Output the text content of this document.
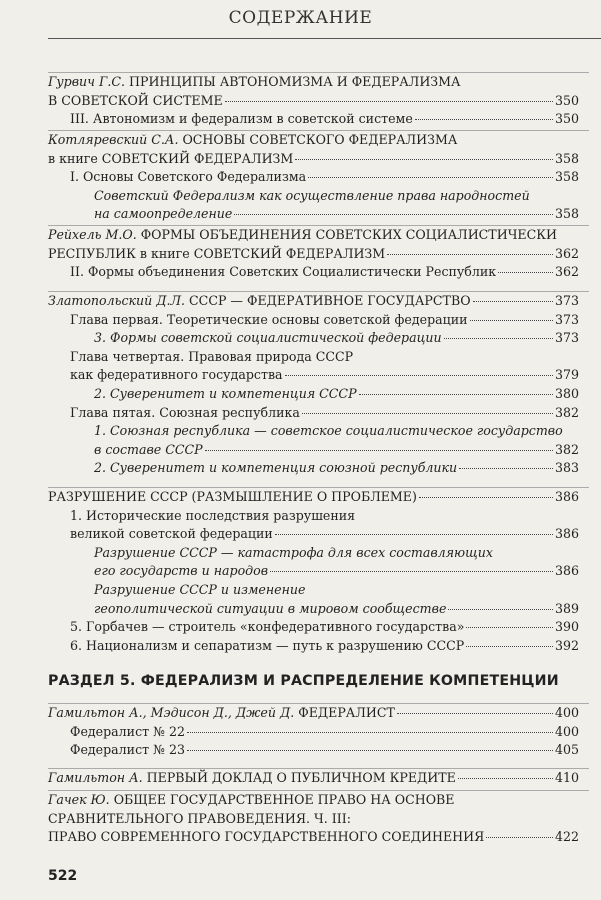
СОДЕРЖАНИЕ
522
Гурвич Г.С. ПРИНЦИПЫ АВТОНОМИЗМА И ФЕДЕРАЛИЗМА
В СОВЕТСКОЙ СИСТЕМЕ	350
III. Автономизм и федерализм в советской системе	350
Котляревский С.А. ОСНОВЫ СОВЕТСКОГО ФЕДЕРАЛИЗМА
в книге СОВЕТСКИЙ ФЕДЕРАЛИЗМ	358
I. Основы Советского Федерализма	358
Советский Федерализм как осуществление права народностей
на самоопределение	358
Рейхель М.О. ФОРМЫ ОБЪЕДИНЕНИЯ СОВЕТСКИХ СОЦИАЛИСТИЧЕСКИ
РЕСПУБЛИК в книге СОВЕТСКИЙ ФЕДЕРАЛИЗМ	362
II. Формы объединения Советских Социалистически Республик	362
Златопольский Д.Л. СССР — ФЕДЕРАТИВНОЕ ГОСУДАРСТВО	373
Глава первая. Теоретические основы советской федерации	373
3. Формы советской социалистической федерации	373
Глава четвертая. Правовая природа СССР
как федеративного государства	379
2. Суверенитет и компетенция СССР	380
Глава пятая. Союзная республика	382
1. Союзная республика — советское социалистическое государство
в составе СССР	382
2. Суверенитет и компетенция союзной республики	383
РАЗРУШЕНИЕ СССР (РАЗМЫШЛЕНИЕ О ПРОБЛЕМЕ)	386
1. Исторические последствия разрушения
великой советской федерации	386
Разрушение СССР — катастрофа для всех составляющих
его государств и народов	386
Разрушение СССР и изменение
геополитической ситуации в мировом сообществе	389
5. Горбачев — строитель «конфедеративного государства»	390
6. Национализм и сепаратизм — путь к разрушению СССР	392
Гамильтон А., Мэдисон Д., Джей Д. ФЕДЕРАЛИСТ	400
Федералист № 22	400
Федералист № 23	405
Гамильтон А. ПЕРВЫЙ ДОКЛАД О ПУБЛИЧНОМ КРЕДИТЕ	410
Гачек Ю. ОБЩЕЕ ГОСУДАРСТВЕННОЕ ПРАВО НА ОСНОВЕ
СРАВНИТЕЛЬНОГО ПРАВОВЕДЕНИЯ. Ч. III:
ПРАВО СОВРЕМЕННОГО ГОСУДАРСТВЕННОГО СОЕДИНЕНИЯ	422
РАЗДЕЛ 5. ФЕДЕРАЛИЗМ И РАСПРЕДЕЛЕНИЕ КОМПЕТЕНЦИИ
